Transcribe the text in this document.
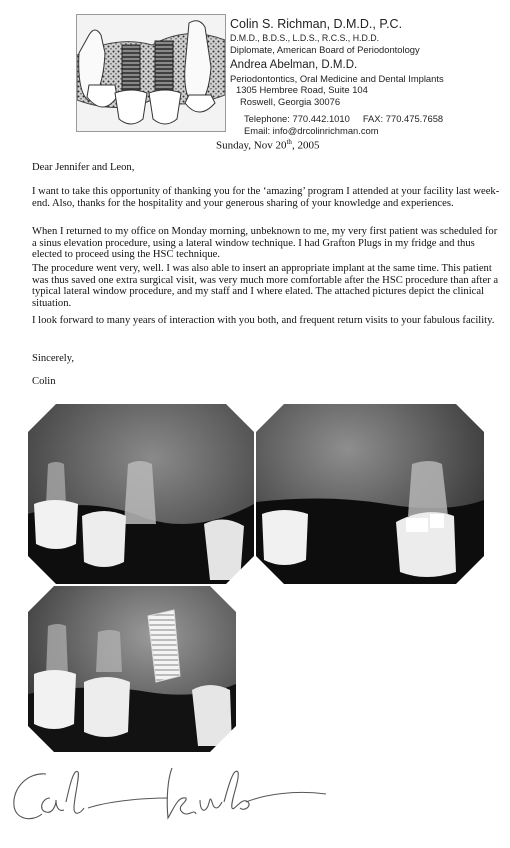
Colin S. Richman, D.M.D., P.C.
D.M.D., B.D.S., L.D.S., R.C.S., H.D.D.
Diplomate, American Board of Periodontology
Andrea Abelman, D.M.D.
Periodontontics, Oral Medicine and Dental Implants
1305 Hembree Road, Suite 104
Roswell, Georgia 30076
Telephone: 770.442.1010     FAX: 770.475.7658
Email: info@drcolinrichman.com
Sunday, Nov 20th, 2005

Dear Jennifer and Leon,

I want to take this opportunity of thanking you for the ‘amazing’ program I attended at your facility last week-end. Also, thanks for the hospitality and your generous sharing of your knowledge and experiences.

When I returned to my office on Monday morning, unbeknown to me, my very first patient was scheduled for a sinus elevation procedure, using a lateral window technique. I had Grafton Plugs in my fridge and thus elected to proceed using the HSC technique.

The procedure went very, well. I was also able to insert an appropriate implant at the same time. This patient was thus saved one extra surgical visit, was very much more comfortable after the HSC procedure than after a typical lateral window procedure, and my staff and I where elated. The attached pictures depict the clinical situation.

I look forward to many years of interaction with you both, and frequent return visits to your fabulous facility.

Sincerely,

Colin
